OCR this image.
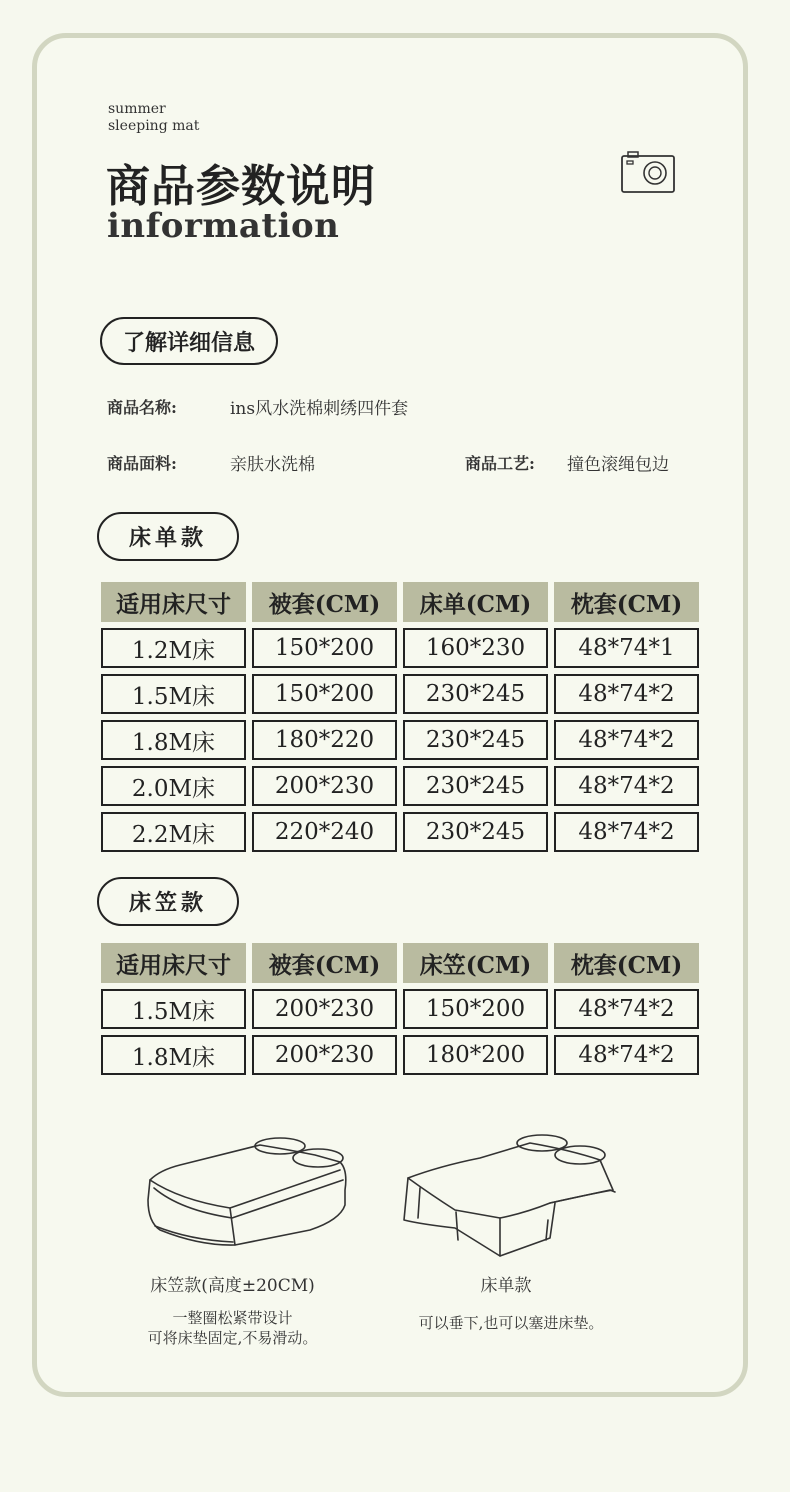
summer
sleeping mat
商品参数说明
information
了解详细信息
商品名称:	ins风水洗棉刺绣四件套
商品面料:	亲肤水洗棉	商品工艺: 撞色滚绳包边
床单款
适用床尺寸	被套(CM)	床单(CM)	枕套(CM)
1.2M床	150*200	160*230	48*74*1
1.5M床	150*200	230*245	48*74*2
1.8M床	180*220	230*245	48*74*2
2.0M床	200*230	230*245	48*74*2
2.2M床	220*240	230*245	48*74*2
床笠款
适用床尺寸	被套(CM)	床笠(CM)	枕套(CM)
1.5M床	200*230	150*200	48*74*2
1.8M床	200*230	180*200	48*74*2
床笠款(高度±20CM)
一整圈松紧带设计
可将床垫固定,不易滑动。
床单款
可以垂下,也可以塞进床垫。
